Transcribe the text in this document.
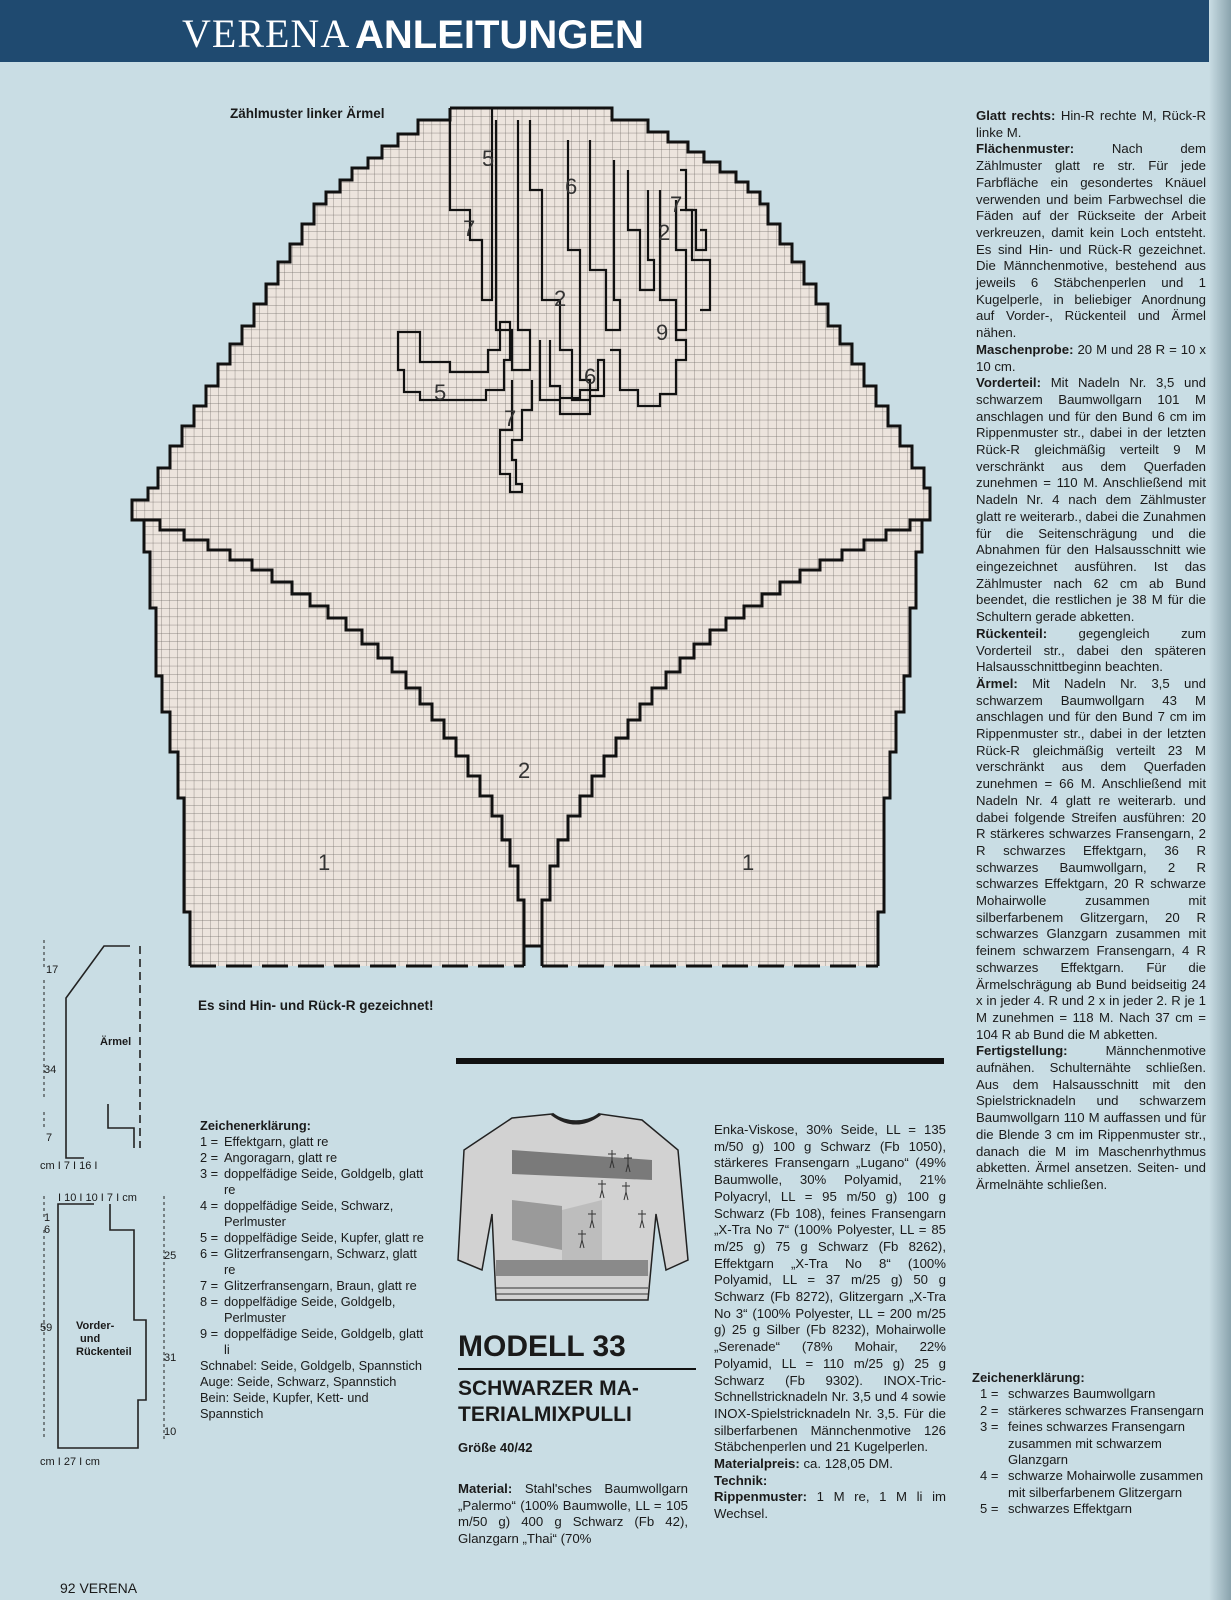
VERENA ANLEITUNGEN
Zählmuster linker Ärmel
5
6
7
7	2
2
9
5
6
7
2
1	1
Es sind Hin- und Rück-R gezeichnet!
17
34
7
Ärmel
cm I 7 I 16 I
I 10 I 10 I 7 I cm
1
6
59
25
31
10
Vorder-
und
Rückenteil
cm I 27 I cm
Zeichenerklärung:
1 = Effektgarn, glatt re
2 = Angoragarn, glatt re
3 = doppelfädige Seide, Goldgelb, glatt re
4 = doppelfädige Seide, Schwarz, Perlmuster
5 = doppelfädige Seide, Kupfer, glatt re
6 = Glitzerfransengarn, Schwarz, glatt re
7 = Glitzerfransengarn, Braun, glatt re
8 = doppelfädige Seide, Goldgelb, Perlmuster
9 = doppelfädige Seide, Goldgelb, glatt li
Schnabel: Seide, Goldgelb, Spannstich
Auge: Seide, Schwarz, Spannstich
Bein: Seide, Kupfer, Kett- und Spannstich
MODELL 33
SCHWARZER MA-
TERIALMIXPULLI
Größe 40/42
Material: Stahl'sches Baumwollgarn „Palermo“ (100% Baumwolle, LL = 105 m/50 g) 400 g Schwarz (Fb 42), Glanzgarn „Thai“ (70%
Enka-Viskose, 30% Seide, LL = 135 m/50 g) 100 g Schwarz (Fb 1050), stärkeres Fransengarn „Lugano“ (49% Baumwolle, 30% Polyamid, 21% Polyacryl, LL = 95 m/50 g) 100 g Schwarz (Fb 108), feines Fransengarn „X-Tra No 7“ (100% Polyester, LL = 85 m/25 g) 75 g Schwarz (Fb 8262), Effektgarn „X-Tra No 8“ (100% Polyamid, LL = 37 m/25 g) 50 g Schwarz (Fb 8272), Glitzergarn „X-Tra No 3“ (100% Polyester, LL = 200 m/25 g) 25 g Silber (Fb 8232), Mohairwolle „Serenade“ (78% Mohair, 22% Polyamid, LL = 110 m/25 g) 25 g Schwarz (Fb 9302). INOX-Tric-Schnellstricknadeln Nr. 3,5 und 4 sowie INOX-Spielstricknadeln Nr. 3,5. Für die silberfarbenen Männchenmotive 126 Stäbchenperlen und 21 Kugelperlen.
Materialpreis: ca. 128,05 DM.
Technik:
Rippenmuster: 1 M re, 1 M li im Wechsel.
Glatt rechts: Hin-R rechte M, Rück-R linke M.
Flächenmuster:	Nach dem Zählmuster glatt re str. Für jede Farbfläche ein gesondertes Knäuel verwenden und beim Farbwechsel die Fäden auf der Rückseite der Arbeit verkreuzen, damit kein Loch entsteht. Es sind Hin- und Rück-R gezeichnet. Die Männchenmotive, bestehend aus jeweils 6 Stäbchenperlen und 1 Kugelperle, in beliebiger Anordnung auf Vorder-, Rückenteil und Ärmel nähen.
Maschenprobe: 20 M und 28 R = 10 x 10 cm.
Vorderteil: Mit Nadeln Nr. 3,5 und schwarzem Baumwollgarn 101 M anschlagen und für den Bund 6 cm im Rippenmuster str., dabei in der letzten Rück-R gleichmäßig verteilt 9 M verschränkt aus dem Querfaden zunehmen = 110 M. Anschließend mit Nadeln Nr. 4 nach dem Zählmuster glatt re weiterarb., dabei die Zunahmen für die Seitenschrägung und die Abnahmen für den Halsausschnitt wie eingezeichnet ausführen. Ist das Zählmuster nach 62 cm ab Bund beendet, die restlichen je 38 M für die Schultern gerade abketten.
Rückenteil: gegengleich zum Vorderteil str., dabei den späteren Halsausschnittbeginn beachten.
Ärmel: Mit Nadeln Nr. 3,5 und schwarzem Baumwollgarn 43 M anschlagen und für den Bund 7 cm im Rippenmuster str., dabei in der letzten Rück-R gleichmäßig verteilt 23 M verschränkt aus dem Querfaden zunehmen = 66 M. Anschließend mit Nadeln Nr. 4 glatt re weiterarb. und dabei folgende Streifen ausführen: 20 R stärkeres schwarzes Fransengarn, 2 R schwarzes Effektgarn, 36 R schwarzes Baumwollgarn, 2 R schwarzes Effektgarn, 20 R schwarze Mohairwolle zusammen mit silberfarbenem Glitzergarn, 20 R schwarzes Glanzgarn zusammen mit feinem schwarzem Fransengarn, 4 R schwarzes Effektgarn. Für die Ärmelschrägung ab Bund beidseitig 24 x in jeder 4. R und 2 x in jeder 2. R je 1 M zunehmen = 118 M. Nach 37 cm = 104 R ab Bund die M abketten.
Fertigstellung:	Männchenmotive aufnähen. Schulternähte schließen. Aus dem Halsausschnitt mit den Spielstricknadeln und schwarzem Baumwollgarn 110 M auffassen und für die Blende 3 cm im Rippenmuster str., danach die M im Maschenrhythmus abketten. Ärmel ansetzen. Seiten- und Ärmelnähte schließen.
Zeichenerklärung:
1 = schwarzes Baumwollgarn
2 = stärkeres schwarzes Fransengarn
3 = feines schwarzes Fransengarn zusammen mit schwarzem Glanzgarn
4 = schwarze Mohairwolle zusammen mit silberfarbenem Glitzergarn
5 = schwarzes Effektgarn
92 VERENA
